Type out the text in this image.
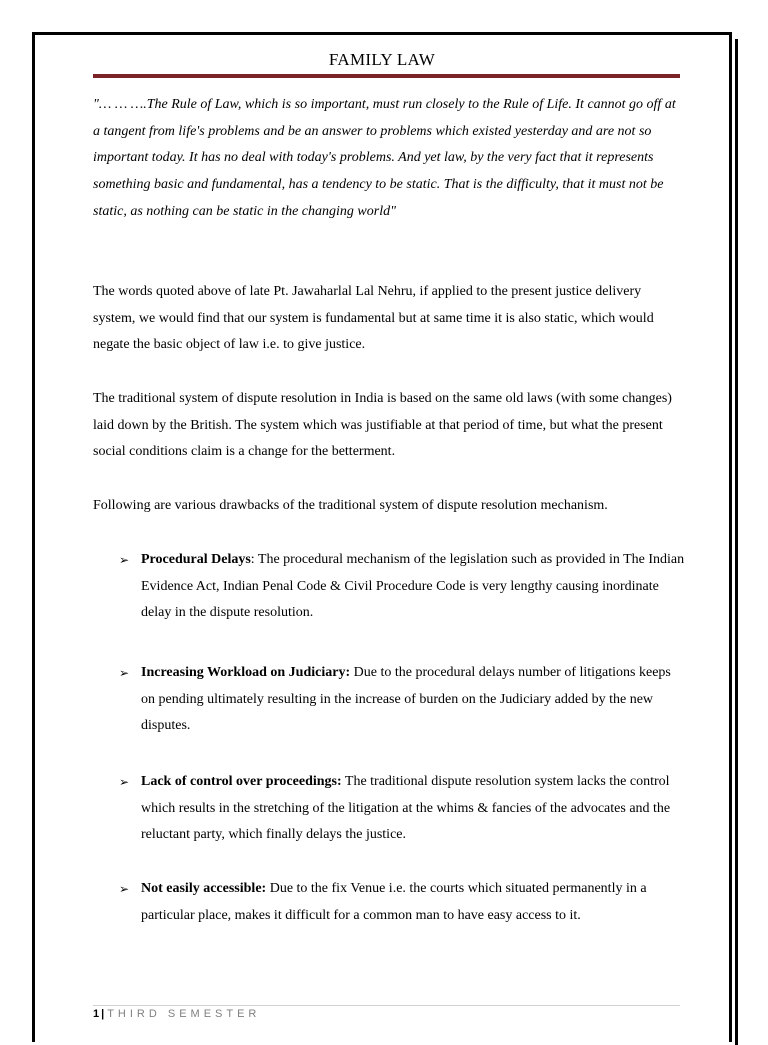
FAMILY LAW
"… … ….The Rule of Law, which is so important, must run closely to the Rule of Life. It cannot go off at a tangent from life's problems and be an answer to problems which existed yesterday and are not so important today. It has no deal with today's problems. And yet law, by the very fact that it represents something basic and fundamental, has a tendency to be static. That is the difficulty, that it must not be static, as nothing can be static in the changing world"
The words quoted above of late Pt. Jawaharlal Lal Nehru, if applied to the present justice delivery system, we would find that our system is fundamental but at same time it is also static, which would negate the basic object of law i.e. to give justice.
The traditional system of dispute resolution in India is based on the same old laws (with some changes) laid down by the British. The system which was justifiable at that period of time, but what the present social conditions claim is a change for the betterment.
Following are various drawbacks of the traditional system of dispute resolution mechanism.
➢ Procedural Delays: The procedural mechanism of the legislation such as provided in The Indian Evidence Act, Indian Penal Code & Civil Procedure Code is very lengthy causing inordinate delay in the dispute resolution.
➢ Increasing Workload on Judiciary: Due to the procedural delays number of litigations keeps on pending ultimately resulting in the increase of burden on the Judiciary added by the new disputes.
➢ Lack of control over proceedings: The traditional dispute resolution system lacks the control which results in the stretching of the litigation at the whims & fancies of the advocates and the reluctant party, which finally delays the justice.
➢ Not easily accessible: Due to the fix Venue i.e. the courts which situated permanently in a particular place, makes it difficult for a common man to have easy access to it.
1 | THIRD SEMESTER
